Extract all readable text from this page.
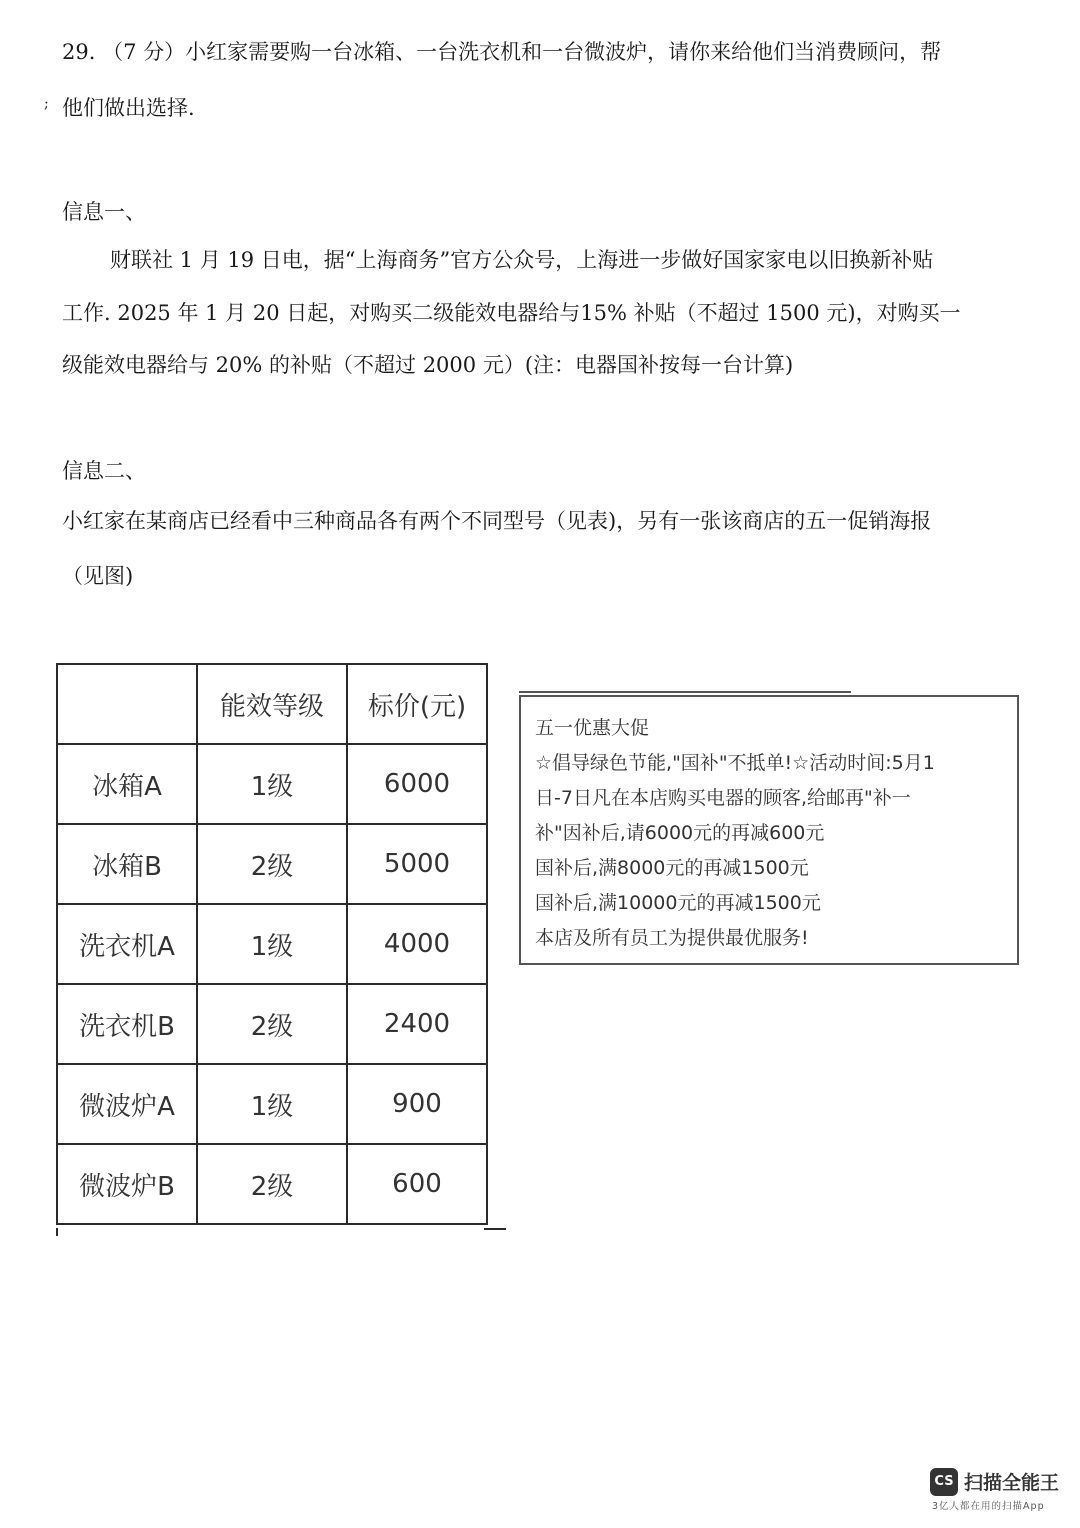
;
29. （7 分）小红家需要购一台冰箱、一台洗衣机和一台微波炉，请你来给他们当消费顾问，帮
他们做出选择.
信息一、
财联社 1 月 19 日电，据“上海商务”官方公众号，上海进一步做好国家家电以旧换新补贴
工作. 2025 年 1 月 20 日起，对购买二级能效电器给与15% 补贴（不超过 1500 元)，对购买一
级能效电器给与 20% 的补贴（不超过 2000 元）(注：电器国补按每一台计算)
信息二、
小红家在某商店已经看中三种商品各有两个不同型号（见表)，另有一张该商店的五一促销海报
（见图)
	能效等级	标价(元)
冰箱A	1级	6000
冰箱B	2级	5000
洗衣机A	1级	4000
洗衣机B	2级	2400
微波炉A	1级	900
微波炉B	2级	600
五一优惠大促
☆倡导绿色节能,"国补"不抵单!☆活动时间:5月1
日-7日凡在本店购买电器的顾客,给邮再"补一
补"因补后,请6000元的再减600元
国补后,满8000元的再减1500元
国补后,满10000元的再减1500元
本店及所有员工为提供最优服务!
CS 扫描全能王
3亿人都在用的扫描App
